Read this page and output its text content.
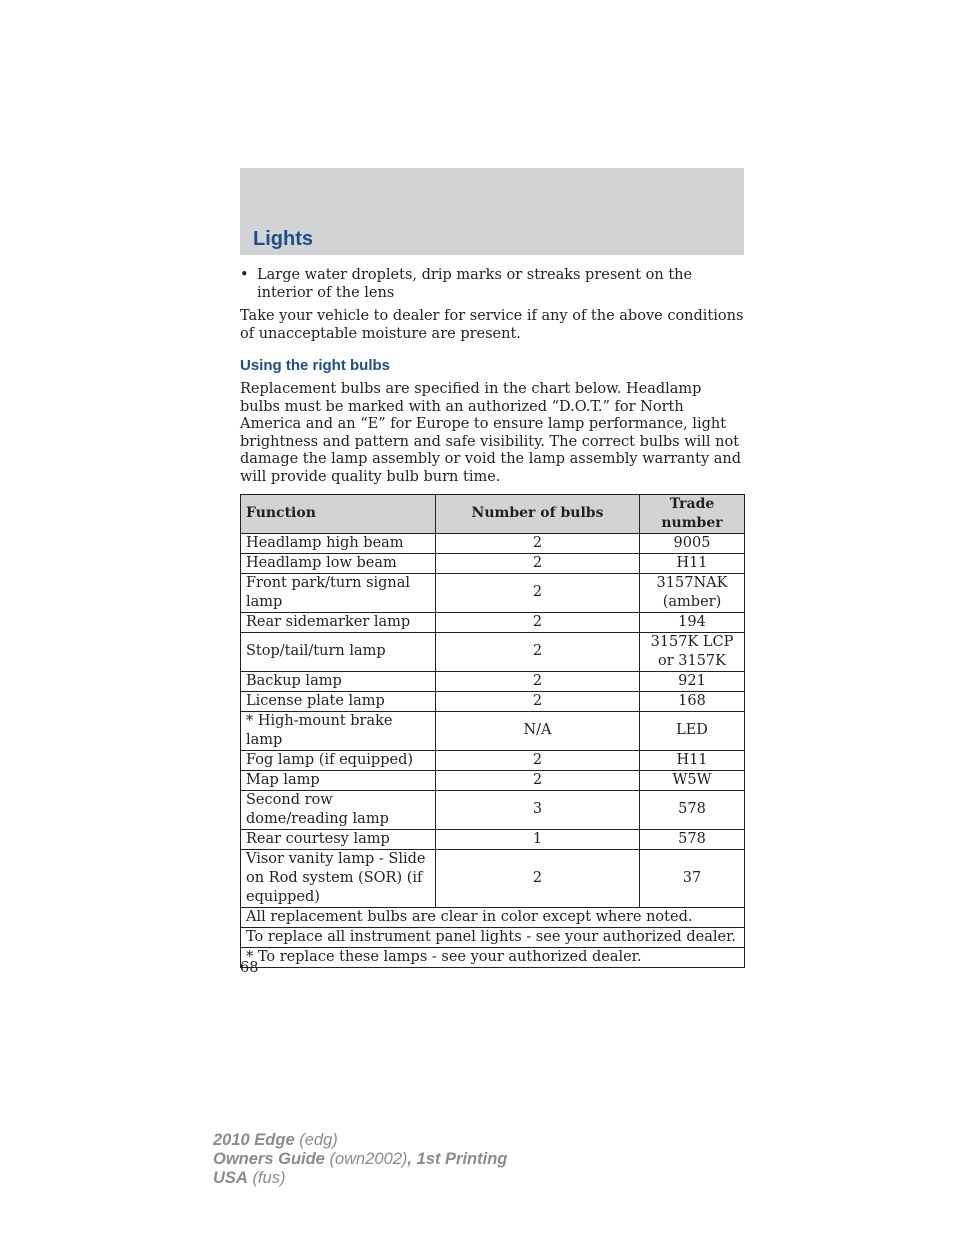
Lights
• Large water droplets, drip marks or streaks present on the interior of the lens

Take your vehicle to dealer for service if any of the above conditions of unacceptable moisture are present.

Using the right bulbs

Replacement bulbs are specified in the chart below. Headlamp bulbs must be marked with an authorized “D.O.T.” for North America and an “E” for Europe to ensure lamp performance, light brightness and pattern and safe visibility. The correct bulbs will not damage the lamp assembly or void the lamp assembly warranty and will provide quality bulb burn time.

Function	Number of bulbs	Trade number
Headlamp high beam	2	9005
Headlamp low beam	2	H11
Front park/turn signal lamp	2	3157NAK (amber)
Rear sidemarker lamp	2	194
Stop/tail/turn lamp	2	3157K LCP or 3157K
Backup lamp	2	921
License plate lamp	2	168
* High-mount brake lamp	N/A	LED
Fog lamp (if equipped)	2	H11
Map lamp	2	W5W
Second row dome/reading lamp	3	578
Rear courtesy lamp	1	578
Visor vanity lamp - Slide on Rod system (SOR) (if equipped)	2	37
All replacement bulbs are clear in color except where noted.		
To replace all instrument panel lights - see your authorized dealer.		
* To replace these lamps - see your authorized dealer.		
68
2010 Edge (edg)
Owners Guide (own2002), 1st Printing
USA (fus)
